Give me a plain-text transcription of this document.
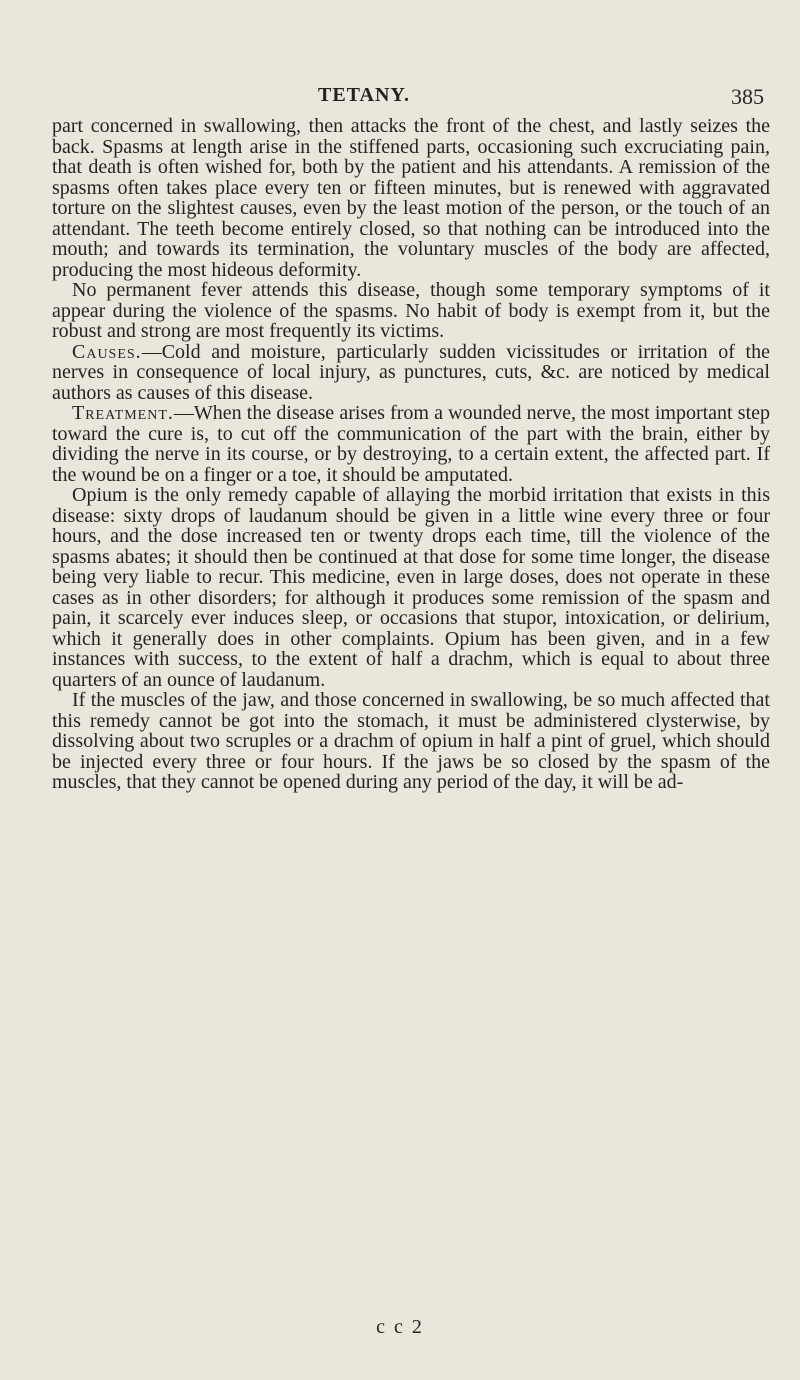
TETANY.	385

part concerned in swallowing, then attacks the front of the chest, and lastly seizes the back. Spasms at length arise in the stiffened parts, occasioning such excruciating pain, that death is often wished for, both by the patient and his attendants. A remission of the spasms often takes place every ten or fifteen minutes, but is renewed with aggravated torture on the slightest causes, even by the least motion of the person, or the touch of an attendant. The teeth become entirely closed, so that nothing can be introduced into the mouth; and towards its termination, the voluntary muscles of the body are affected, producing the most hideous deformity.

No permanent fever attends this disease, though some temporary symptoms of it appear during the violence of the spasms. No habit of body is exempt from it, but the robust and strong are most frequently its victims.

Causes.—Cold and moisture, particularly sudden vicissitudes or irritation of the nerves in consequence of local injury, as punctures, cuts, &c. are noticed by medical authors as causes of this disease.

Treatment.—When the disease arises from a wounded nerve, the most important step toward the cure is, to cut off the communication of the part with the brain, either by dividing the nerve in its course, or by destroying, to a certain extent, the affected part. If the wound be on a finger or a toe, it should be amputated.

Opium is the only remedy capable of allaying the morbid irritation that exists in this disease: sixty drops of laudanum should be given in a little wine every three or four hours, and the dose increased ten or twenty drops each time, till the violence of the spasms abates; it should then be continued at that dose for some time longer, the disease being very liable to recur. This medicine, even in large doses, does not operate in these cases as in other disorders; for although it produces some remission of the spasm and pain, it scarcely ever induces sleep, or occasions that stupor, intoxication, or delirium, which it generally does in other complaints. Opium has been given, and in a few instances with success, to the extent of half a drachm, which is equal to about three quarters of an ounce of laudanum.

If the muscles of the jaw, and those concerned in swallowing, be so much affected that this remedy cannot be got into the stomach, it must be administered clysterwise, by dissolving about two scruples or a drachm of opium in half a pint of gruel, which should be injected every three or four hours. If the jaws be so closed by the spasm of the muscles, that they cannot be opened during any period of the day, it will be ad-

c c 2
